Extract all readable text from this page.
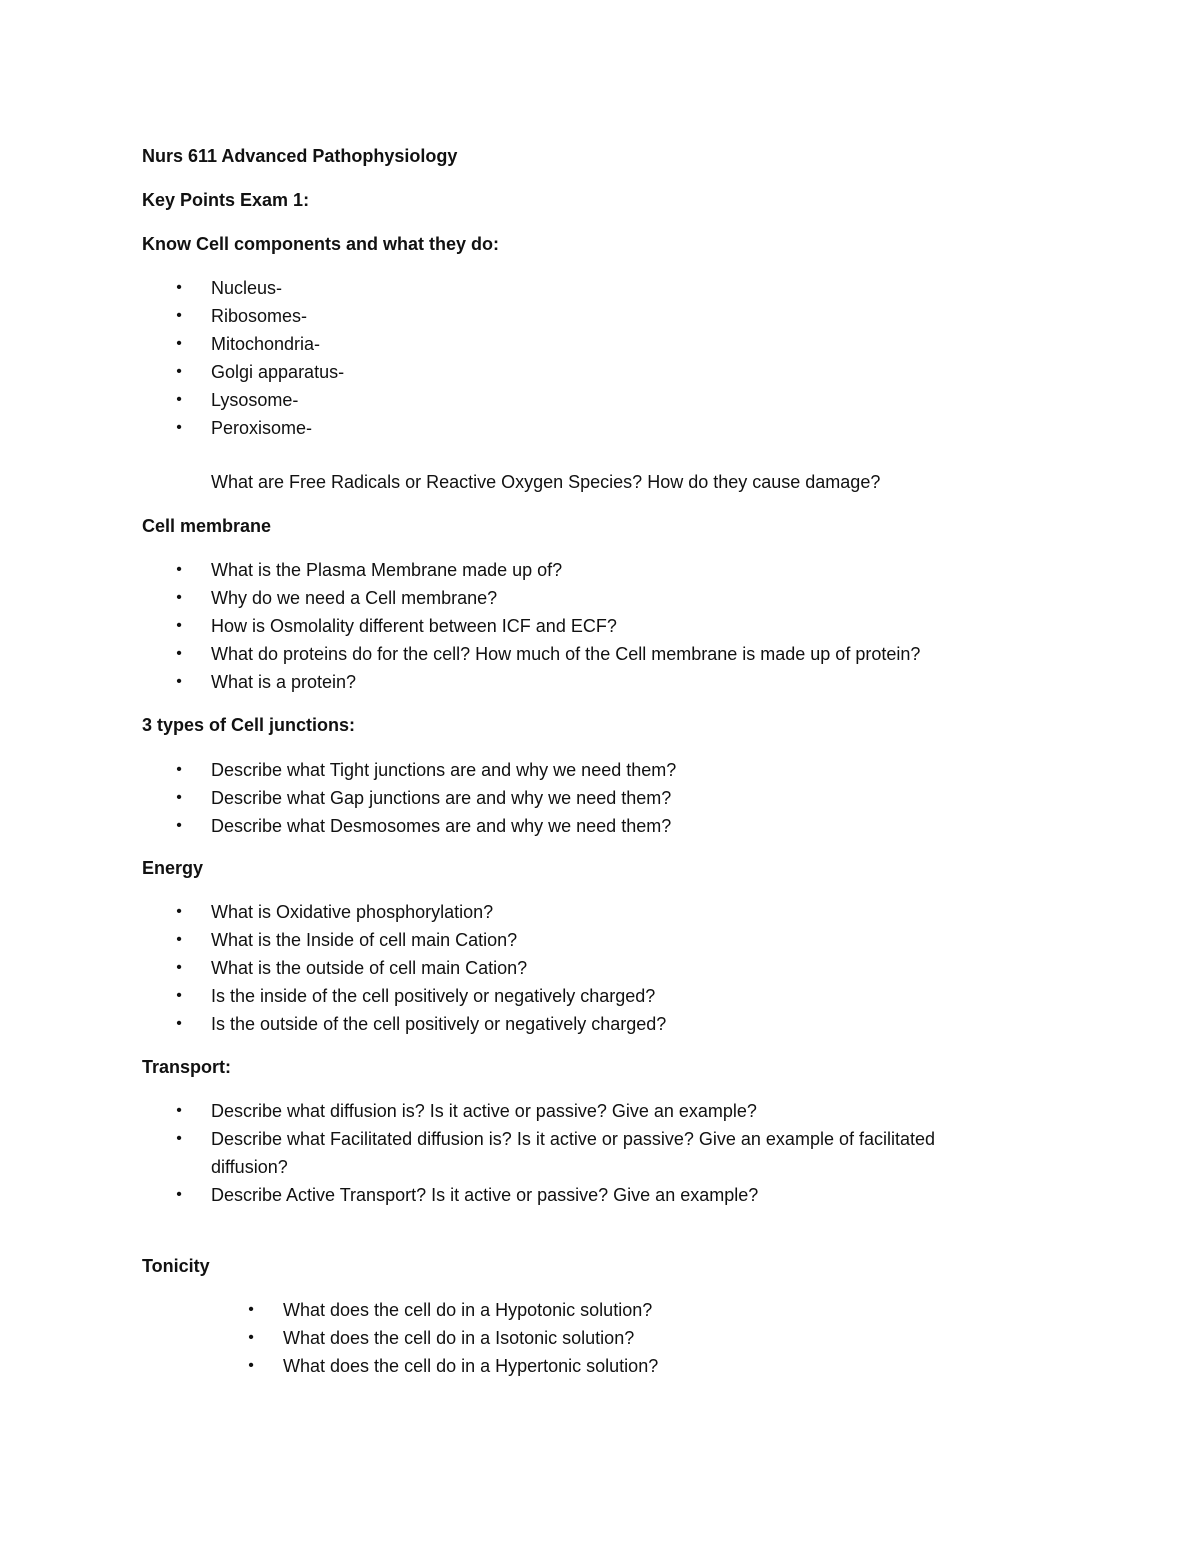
Nurs 611 Advanced Pathophysiology
Key Points Exam 1:
Know Cell components and what they do:
• Nucleus-
• Ribosomes-
• Mitochondria-
• Golgi apparatus-
• Lysosome-
• Peroxisome-
What are Free Radicals or Reactive Oxygen Species? How do they cause damage?
Cell membrane
• What is the Plasma Membrane made up of?
• Why do we need a Cell membrane?
• How is Osmolality different between ICF and ECF?
• What do proteins do for the cell? How much of the Cell membrane is made up of protein?
• What is a protein?
3 types of Cell junctions:
• Describe what Tight junctions are and why we need them?
• Describe what Gap junctions are and why we need them?
• Describe what Desmosomes are and why we need them?
Energy
• What is Oxidative phosphorylation?
• What is the Inside of cell main Cation?
• What is the outside of cell main Cation?
• Is the inside of the cell positively or negatively charged?
• Is the outside of the cell positively or negatively charged?
Transport:
• Describe what diffusion is? Is it active or passive? Give an example?
• Describe what Facilitated diffusion is? Is it active or passive? Give an example of facilitated diffusion?
• Describe Active Transport? Is it active or passive? Give an example?
Tonicity
• What does the cell do in a Hypotonic solution?
• What does the cell do in a Isotonic solution?
• What does the cell do in a Hypertonic solution?
